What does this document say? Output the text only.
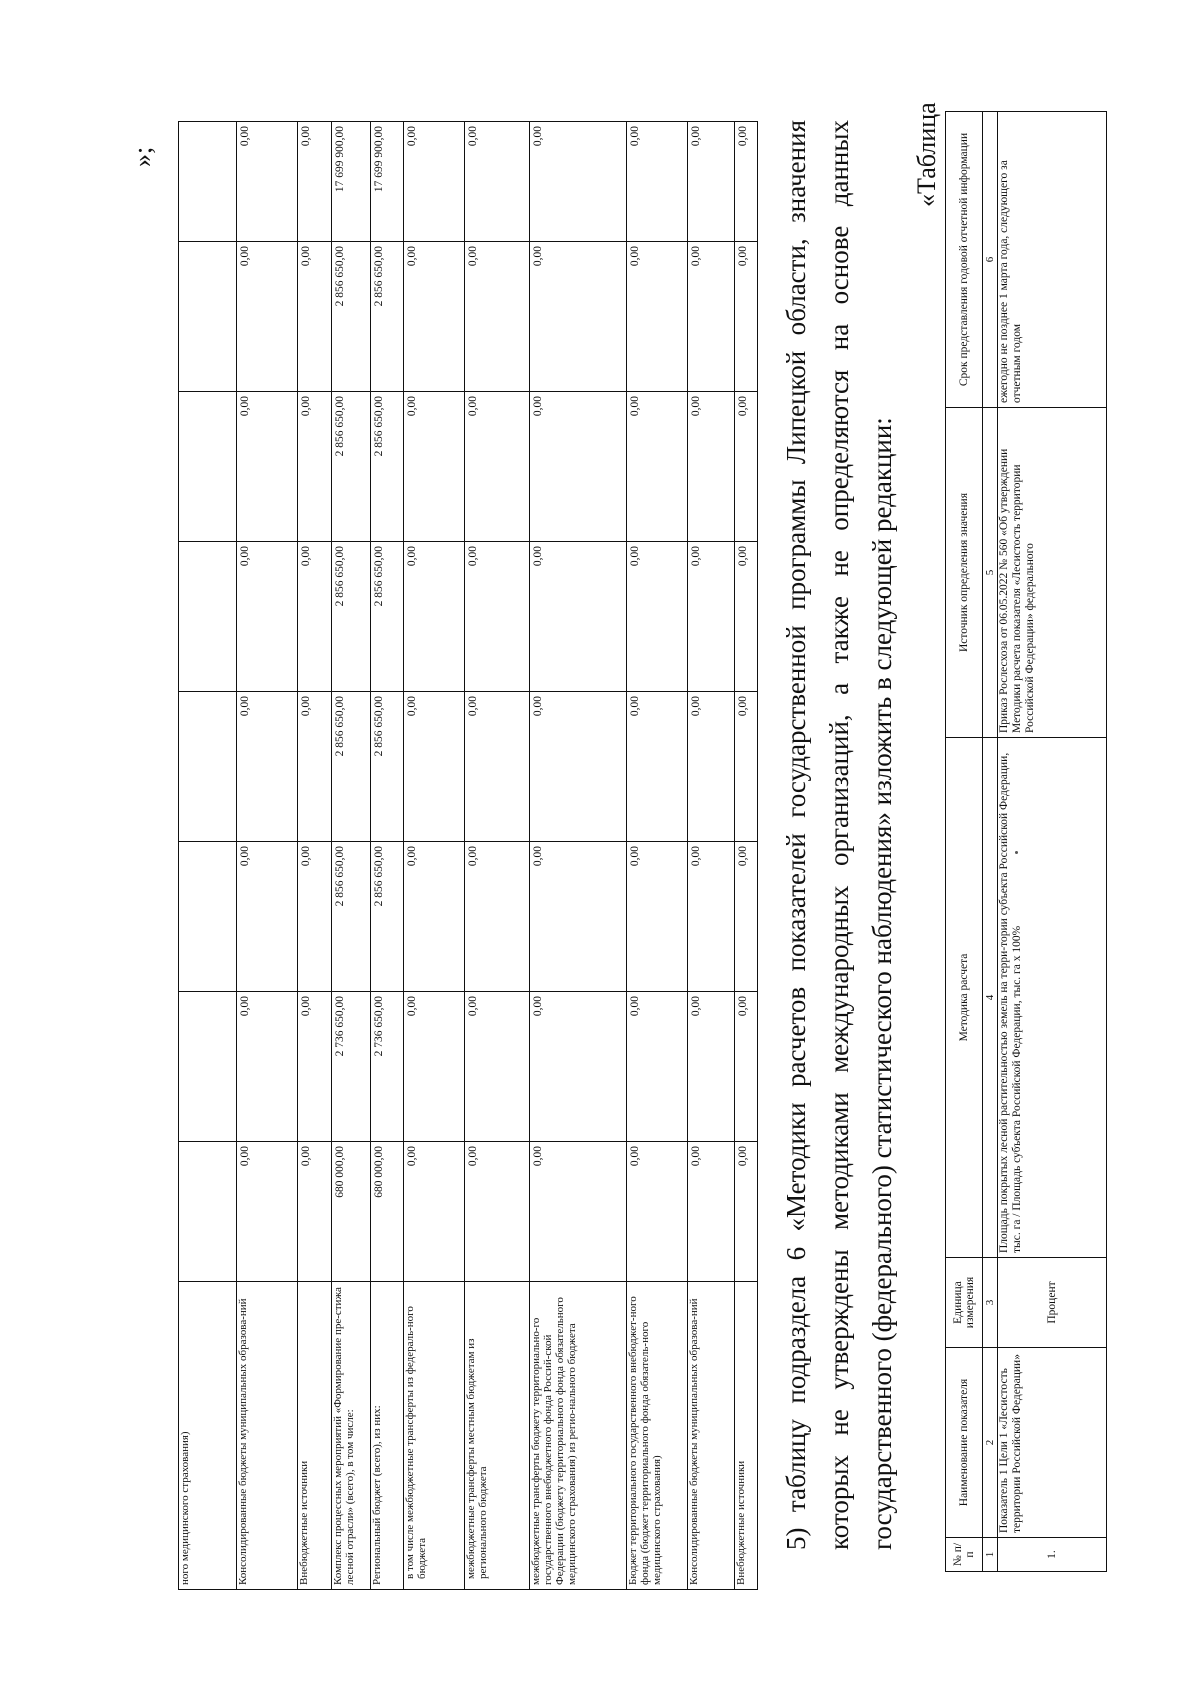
ного медицинского страхования)								
Консолидированные бюджеты муниципальных образова-ний	0,00	0,00	0,00	0,00	0,00	0,00	0,00	0,00
Внебюджетные источники	0,00	0,00	0,00	0,00	0,00	0,00	0,00	0,00
Комплекс процессных мероприятий «Формирование пре-стижа лесной отрасли» (всего), в том числе:	680 000,00	2 736 650,00	2 856 650,00	2 856 650,00	2 856 650,00	2 856 650,00	2 856 650,00	17 699 900,00
Региональный бюджет (всего), из них:	680 000,00	2 736 650,00	2 856 650,00	2 856 650,00	2 856 650,00	2 856 650,00	2 856 650,00	17 699 900,00
в том числе межбюджетные трансферты из федераль-ного бюджета	0,00	0,00	0,00	0,00	0,00	0,00	0,00	0,00
межбюджетные трансферты местным бюджетам из регионального бюджета	0,00	0,00	0,00	0,00	0,00	0,00	0,00	0,00
межбюджетные трансферты бюджету территориально-го государственного внебюджетного фонда Россий-ской Федерации (бюджету территориального фонда обязательного медицинского страхования) из регио-нального бюджета	0,00	0,00	0,00	0,00	0,00	0,00	0,00	0,00
Бюджет территориального государственного внебюджет-ного фонда (бюджет территориального фонда обязатель-ного медицинского страхования)	0,00	0,00	0,00	0,00	0,00	0,00	0,00	0,00
Консолидированные бюджеты муниципальных образова-ний	0,00	0,00	0,00	0,00	0,00	0,00	0,00	0,00
Внебюджетные источники	0,00	0,00	0,00	0,00	0,00	0,00	0,00	0,00
»;	5) таблицу подраздела 6 «Методики расчетов показателей государственной программы Липецкой области, значения которых не утверждены методиками международных организаций, а также не определяются на основе данных государственного (федерального) статистического наблюдения» изложить в следующей редакции:
«Таблица
№ п/п	Наименование показателя	Единица измерения	Методика расчета	Источник определения значения	Срок представления годовой отчетной информации
1	2	3	4	5	6
1.	Показатель 1 Цели 1 «Лесистость территории Российской Федерации»	Процент	Площадь покрытых лесной растительностью земель на терри-тории субъекта Российской Федерации, тыс. га / Площадь субъекта Российской Федерации, тыс. га х 100%	Приказ Рослесхоза от 06.05.2022 № 560 «Об утверждении Методики расчета показателя «Лесистость территории Российской Федерации» федерального	ежегодно не позднее 1 марта года, следующего за отчетным годом
